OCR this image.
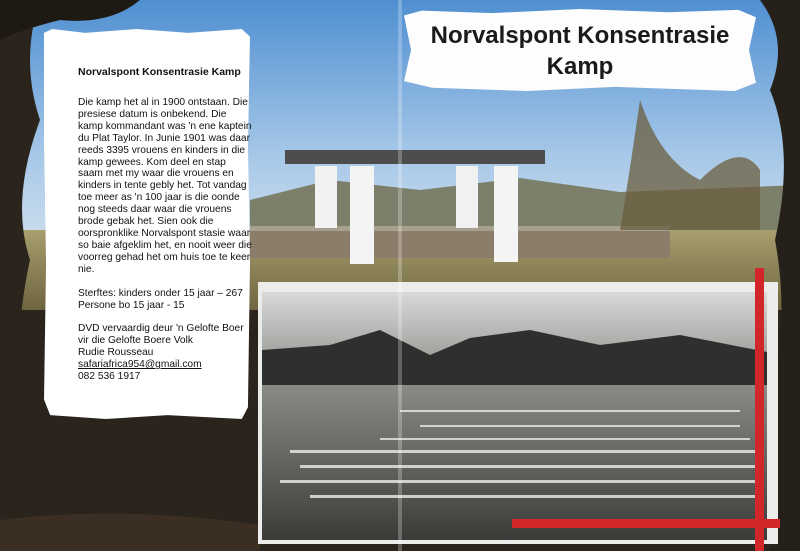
Norvalspont Konsentrasie
Kamp
Norvalspont Konsentrasie Kamp
Die kamp het al in 1900 ontstaan. Die presiese datum is onbekend. Die kamp kommandant was 'n ene kaptein du Plat Taylor. In Junie 1901 was daar reeds 3395 vrouens en kinders in die kamp gewees. Kom deel en stap saam met my waar die vrouens en kinders in tente gebly het. Tot vandag toe meer as 'n 100 jaar is die oonde nog steeds daar waar die vrouens brode gebak het. Sien ook die oorspronklike Norvalspont stasie waar so baie afgeklim het, en nooit weer die voorreg gehad het om huis toe te keer nie.
Sterftes: kinders onder 15 jaar – 267
Persone bo 15 jaar - 15
DVD vervaardig deur 'n Gelofte Boer
vir die Gelofte Boere Volk
Rudie Rousseau
safariafrica954@gmail.com
082 536 1917
